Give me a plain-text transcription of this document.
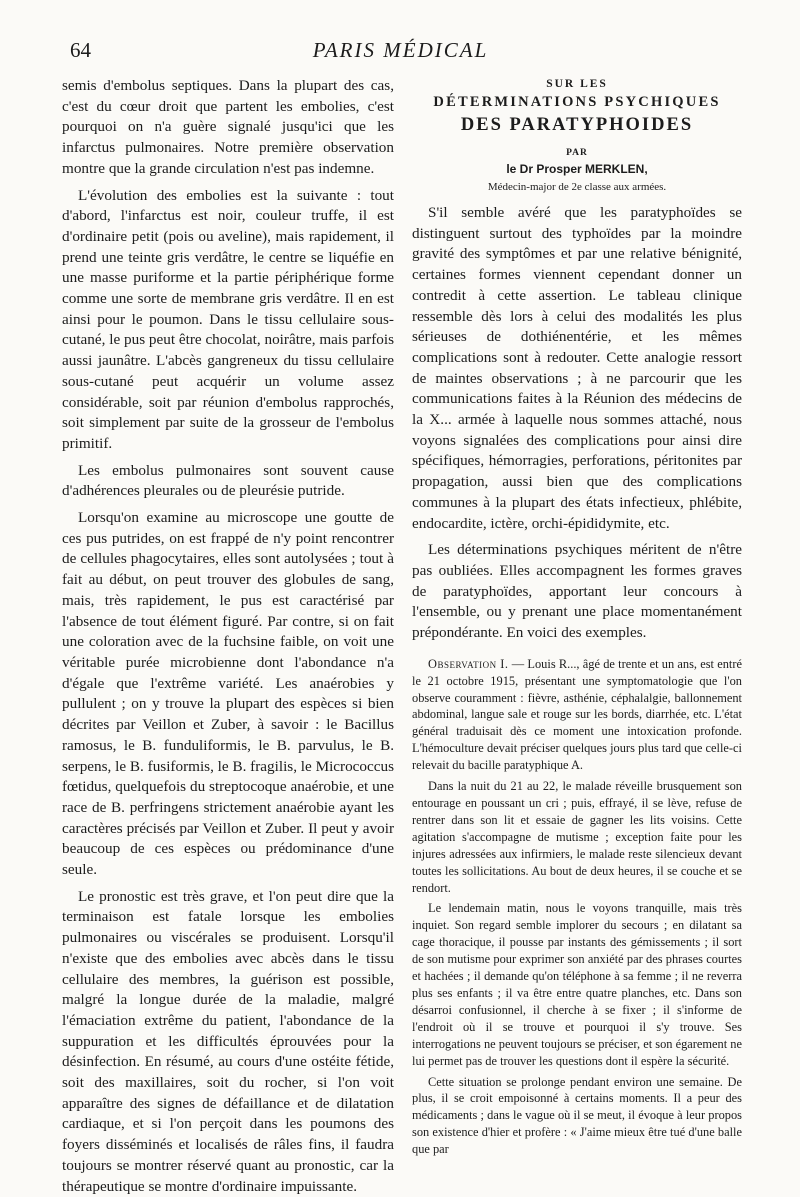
64	PARIS MÉDICAL

semis d'embolus septiques. Dans la plupart des cas, c'est du cœur droit que partent les embolies, c'est pourquoi on n'a guère signalé jusqu'ici que les infarctus pulmonaires. Notre première observation montre que la grande circulation n'est pas indemne.

L'évolution des embolies est la suivante : tout d'abord, l'infarctus est noir, couleur truffe, il est d'ordinaire petit (pois ou aveline), mais rapidement, il prend une teinte gris verdâtre, le centre se liquéfie en une masse puriforme et la partie périphérique forme comme une sorte de membrane gris verdâtre. Il en est ainsi pour le poumon. Dans le tissu cellulaire sous-cutané, le pus peut être chocolat, noirâtre, mais parfois aussi jaunâtre. L'abcès gangreneux du tissu cellulaire sous-cutané peut acquérir un volume assez considérable, soit par réunion d'embolus rapprochés, soit simplement par suite de la grosseur de l'embolus primitif.

Les embolus pulmonaires sont souvent cause d'adhérences pleurales ou de pleurésie putride.

Lorsqu'on examine au microscope une goutte de ces pus putrides, on est frappé de n'y point rencontrer de cellules phagocytaires, elles sont autolysées ; tout à fait au début, on peut trouver des globules de sang, mais, très rapidement, le pus est caractérisé par l'absence de tout élément figuré. Par contre, si on fait une coloration avec de la fuchsine faible, on voit une véritable purée microbienne dont l'abondance n'a d'égale que l'extrême variété. Les anaérobies y pullulent ; on y trouve la plupart des espèces si bien décrites par Veillon et Zuber, à savoir : le Bacillus ramosus, le B. funduliformis, le B. parvulus, le B. serpens, le B. fusiformis, le B. fragilis, le Micrococcus fœtidus, quelquefois du streptocoque anaérobie, et une race de B. perfringens strictement anaérobie ayant les caractères précisés par Veillon et Zuber. Il peut y avoir beaucoup de ces espèces ou prédominance d'une seule.

Le pronostic est très grave, et l'on peut dire que la terminaison est fatale lorsque les embolies pulmonaires ou viscérales se produisent. Lorsqu'il n'existe que des embolies avec abcès dans le tissu cellulaire des membres, la guérison est possible, malgré la longue durée de la maladie, malgré l'émaciation extrême du patient, l'abondance de la suppuration et les difficultés éprouvées pour la désinfection. En résumé, au cours d'une ostéite fétide, soit des maxillaires, soit du rocher, si l'on voit apparaître des signes de défaillance et de dilatation cardiaque, et si l'on perçoit dans les poumons des foyers disséminés et localisés de râles fins, il faudra toujours se montrer réservé quant au pronostic, car la thérapeutique se montre d'ordinaire impuissante.

SUR LES
DÉTERMINATIONS PSYCHIQUES
DES PARATYPHOIDES
PAR
le Dr Prosper MERKLEN,
Médecin-major de 2e classe aux armées.

S'il semble avéré que les paratyphoïdes se distinguent surtout des typhoïdes par la moindre gravité des symptômes et par une relative bénignité, certaines formes viennent cependant donner un contredit à cette assertion. Le tableau clinique ressemble dès lors à celui des modalités les plus sérieuses de dothiénentérie, et les mêmes complications sont à redouter. Cette analogie ressort de maintes observations ; à ne parcourir que les communications faites à la Réunion des médecins de la X... armée à laquelle nous sommes attaché, nous voyons signalées des complications pour ainsi dire spécifiques, hémorragies, perforations, péritonites par propagation, aussi bien que des complications communes à la plupart des états infectieux, phlébite, endocardite, ictère, orchi-épididymite, etc.

Les déterminations psychiques méritent de n'être pas oubliées. Elles accompagnent les formes graves de paratyphoïdes, apportant leur concours à l'ensemble, ou y prenant une place momentanément prépondérante. En voici des exemples.

Observation I. — Louis R..., âgé de trente et un ans, est entré le 21 octobre 1915, présentant une symptomatologie que l'on observe couramment : fièvre, asthénie, céphalalgie, ballonnement abdominal, langue sale et rouge sur les bords, diarrhée, etc. L'état général traduisait dès ce moment une intoxication profonde. L'hémoculture devait préciser quelques jours plus tard que celle-ci relevait du bacille paratyphique A.

Dans la nuit du 21 au 22, le malade réveille brusquement son entourage en poussant un cri ; puis, effrayé, il se lève, refuse de rentrer dans son lit et essaie de gagner les lits voisins. Cette agitation s'accompagne de mutisme ; exception faite pour les injures adressées aux infirmiers, le malade reste silencieux devant toutes les sollicitations. Au bout de deux heures, il se couche et se rendort.

Le lendemain matin, nous le voyons tranquille, mais très inquiet. Son regard semble implorer du secours ; en dilatant sa cage thoracique, il pousse par instants des gémissements ; il sort de son mutisme pour exprimer son anxiété par des phrases courtes et hachées ; il demande qu'on téléphone à sa femme ; il ne reverra plus ses enfants ; il va être entre quatre planches, etc. Dans son désarroi confusionnel, il cherche à se fixer ; il s'informe de l'endroit où il se trouve et pourquoi il s'y trouve. Ses interrogations ne peuvent toujours se préciser, et son égarement ne lui permet pas de trouver les questions dont il espère la sécurité.

Cette situation se prolonge pendant environ une semaine. De plus, il se croit empoisonné à certains moments. Il a peur des médicaments ; dans le vague où il se meut, il évoque à leur propos son existence d'hier et profère : « J'aime mieux être tué d'une balle que par
